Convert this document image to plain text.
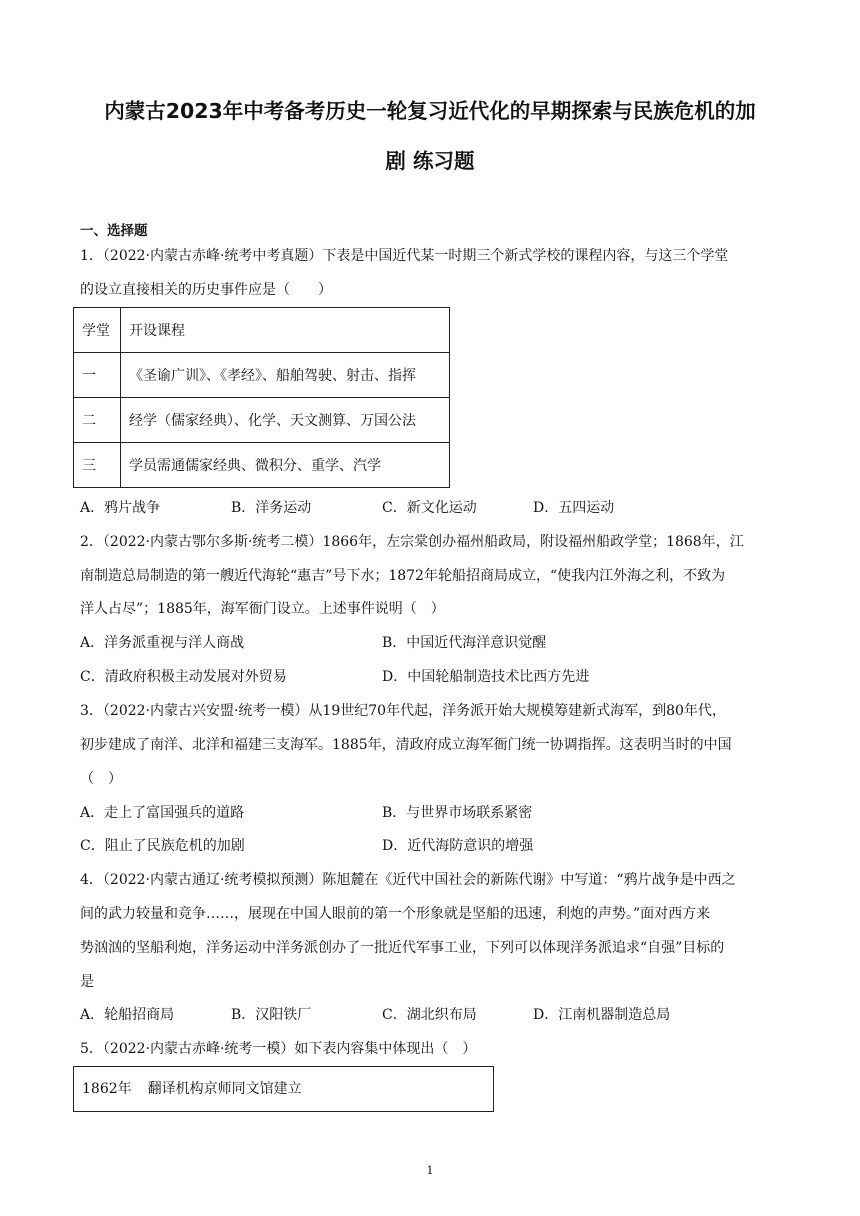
内蒙古2023年中考备考历史一轮复习近代化的早期探索与民族危机的加
剧 练习题
一、选择题
1．（2022·内蒙古赤峰·统考中考真题）下表是中国近代某一时期三个新式学校的课程内容，与这三个学堂
的设立直接相关的历史事件应是（　　）
学堂	开设课程
一	《圣谕广训》、《孝经》、船舶驾驶、射击、指挥
二	经学（儒家经典）、化学、天文测算、万国公法
三	学员需通儒家经典、微积分、重学、汽学
A．鸦片战争	B．洋务运动	C．新文化运动	D．五四运动
2．（2022·内蒙古鄂尔多斯·统考二模）1866年，左宗棠创办福州船政局，附设福州船政学堂；1868年，江
南制造总局制造的第一艘近代海轮“惠吉”号下水；1872年轮船招商局成立，“使我内江外海之利，不致为
洋人占尽”；1885年，海军衙门设立。上述事件说明（　）
A．洋务派重视与洋人商战	B．中国近代海洋意识觉醒
C．清政府积极主动发展对外贸易	D．中国轮船制造技术比西方先进
3．（2022·内蒙古兴安盟·统考一模）从19世纪70年代起，洋务派开始大规模筹建新式海军，到80年代，
初步建成了南洋、北洋和福建三支海军。1885年，清政府成立海军衙门统一协调指挥。这表明当时的中国
（　）
A．走上了富国强兵的道路	B．与世界市场联系紧密
C．阻止了民族危机的加剧	D．近代海防意识的增强
4．（2022·内蒙古通辽·统考模拟预测）陈旭麓在《近代中国社会的新陈代谢》中写道：“鸦片战争是中西之
间的武力较量和竞争……，展现在中国人眼前的第一个形象就是坚船的迅速，利炮的声势。”面对西方来
势汹汹的坚船利炮，洋务运动中洋务派创办了一批近代军事工业，下列可以体现洋务派追求“自强”目标的
是
A．轮船招商局	B．汉阳铁厂	C．湖北织布局	D．江南机器制造总局
5．（2022·内蒙古赤峰·统考一模）如下表内容集中体现出（　）
1862年 翻译机构京师同文馆建立
1
